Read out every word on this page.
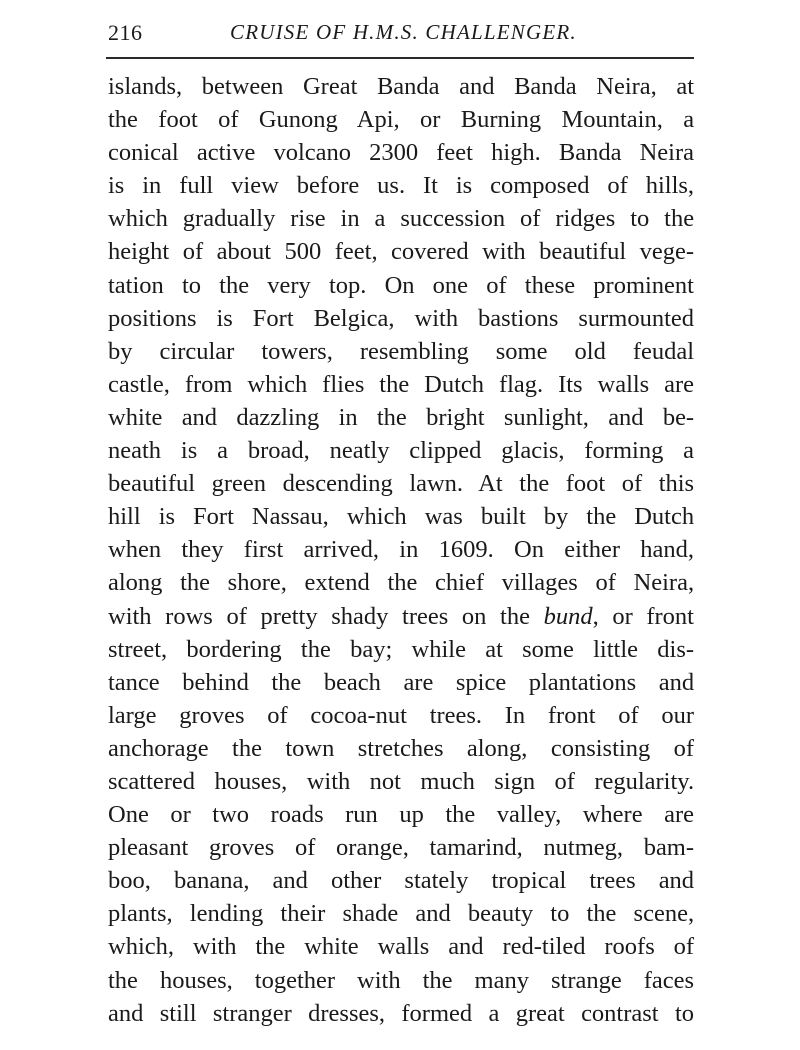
216	CRUISE OF H.M.S. CHALLENGER.
islands, between Great Banda and Banda Neira, at
the foot of Gunong Api, or Burning Mountain, a
conical active volcano 2300 feet high. Banda Neira
is in full view before us. It is composed of hills,
which gradually rise in a succession of ridges to the
height of about 500 feet, covered with beautiful vege-
tation to the very top. On one of these prominent
positions is Fort Belgica, with bastions surmounted
by circular towers, resembling some old feudal
castle, from which flies the Dutch flag. Its walls are
white and dazzling in the bright sunlight, and be-
neath is a broad, neatly clipped glacis, forming a
beautiful green descending lawn. At the foot of this
hill is Fort Nassau, which was built by the Dutch
when they first arrived, in 1609. On either hand,
along the shore, extend the chief villages of Neira,
with rows of pretty shady trees on the bund, or front
street, bordering the bay; while at some little dis-
tance behind the beach are spice plantations and
large groves of cocoa-nut trees. In front of our
anchorage the town stretches along, consisting of
scattered houses, with not much sign of regularity.
One or two roads run up the valley, where are
pleasant groves of orange, tamarind, nutmeg, bam-
boo, banana, and other stately tropical trees and
plants, lending their shade and beauty to the scene,
which, with the white walls and red-tiled roofs of
the houses, together with the many strange faces
and still stranger dresses, formed a great contrast to
